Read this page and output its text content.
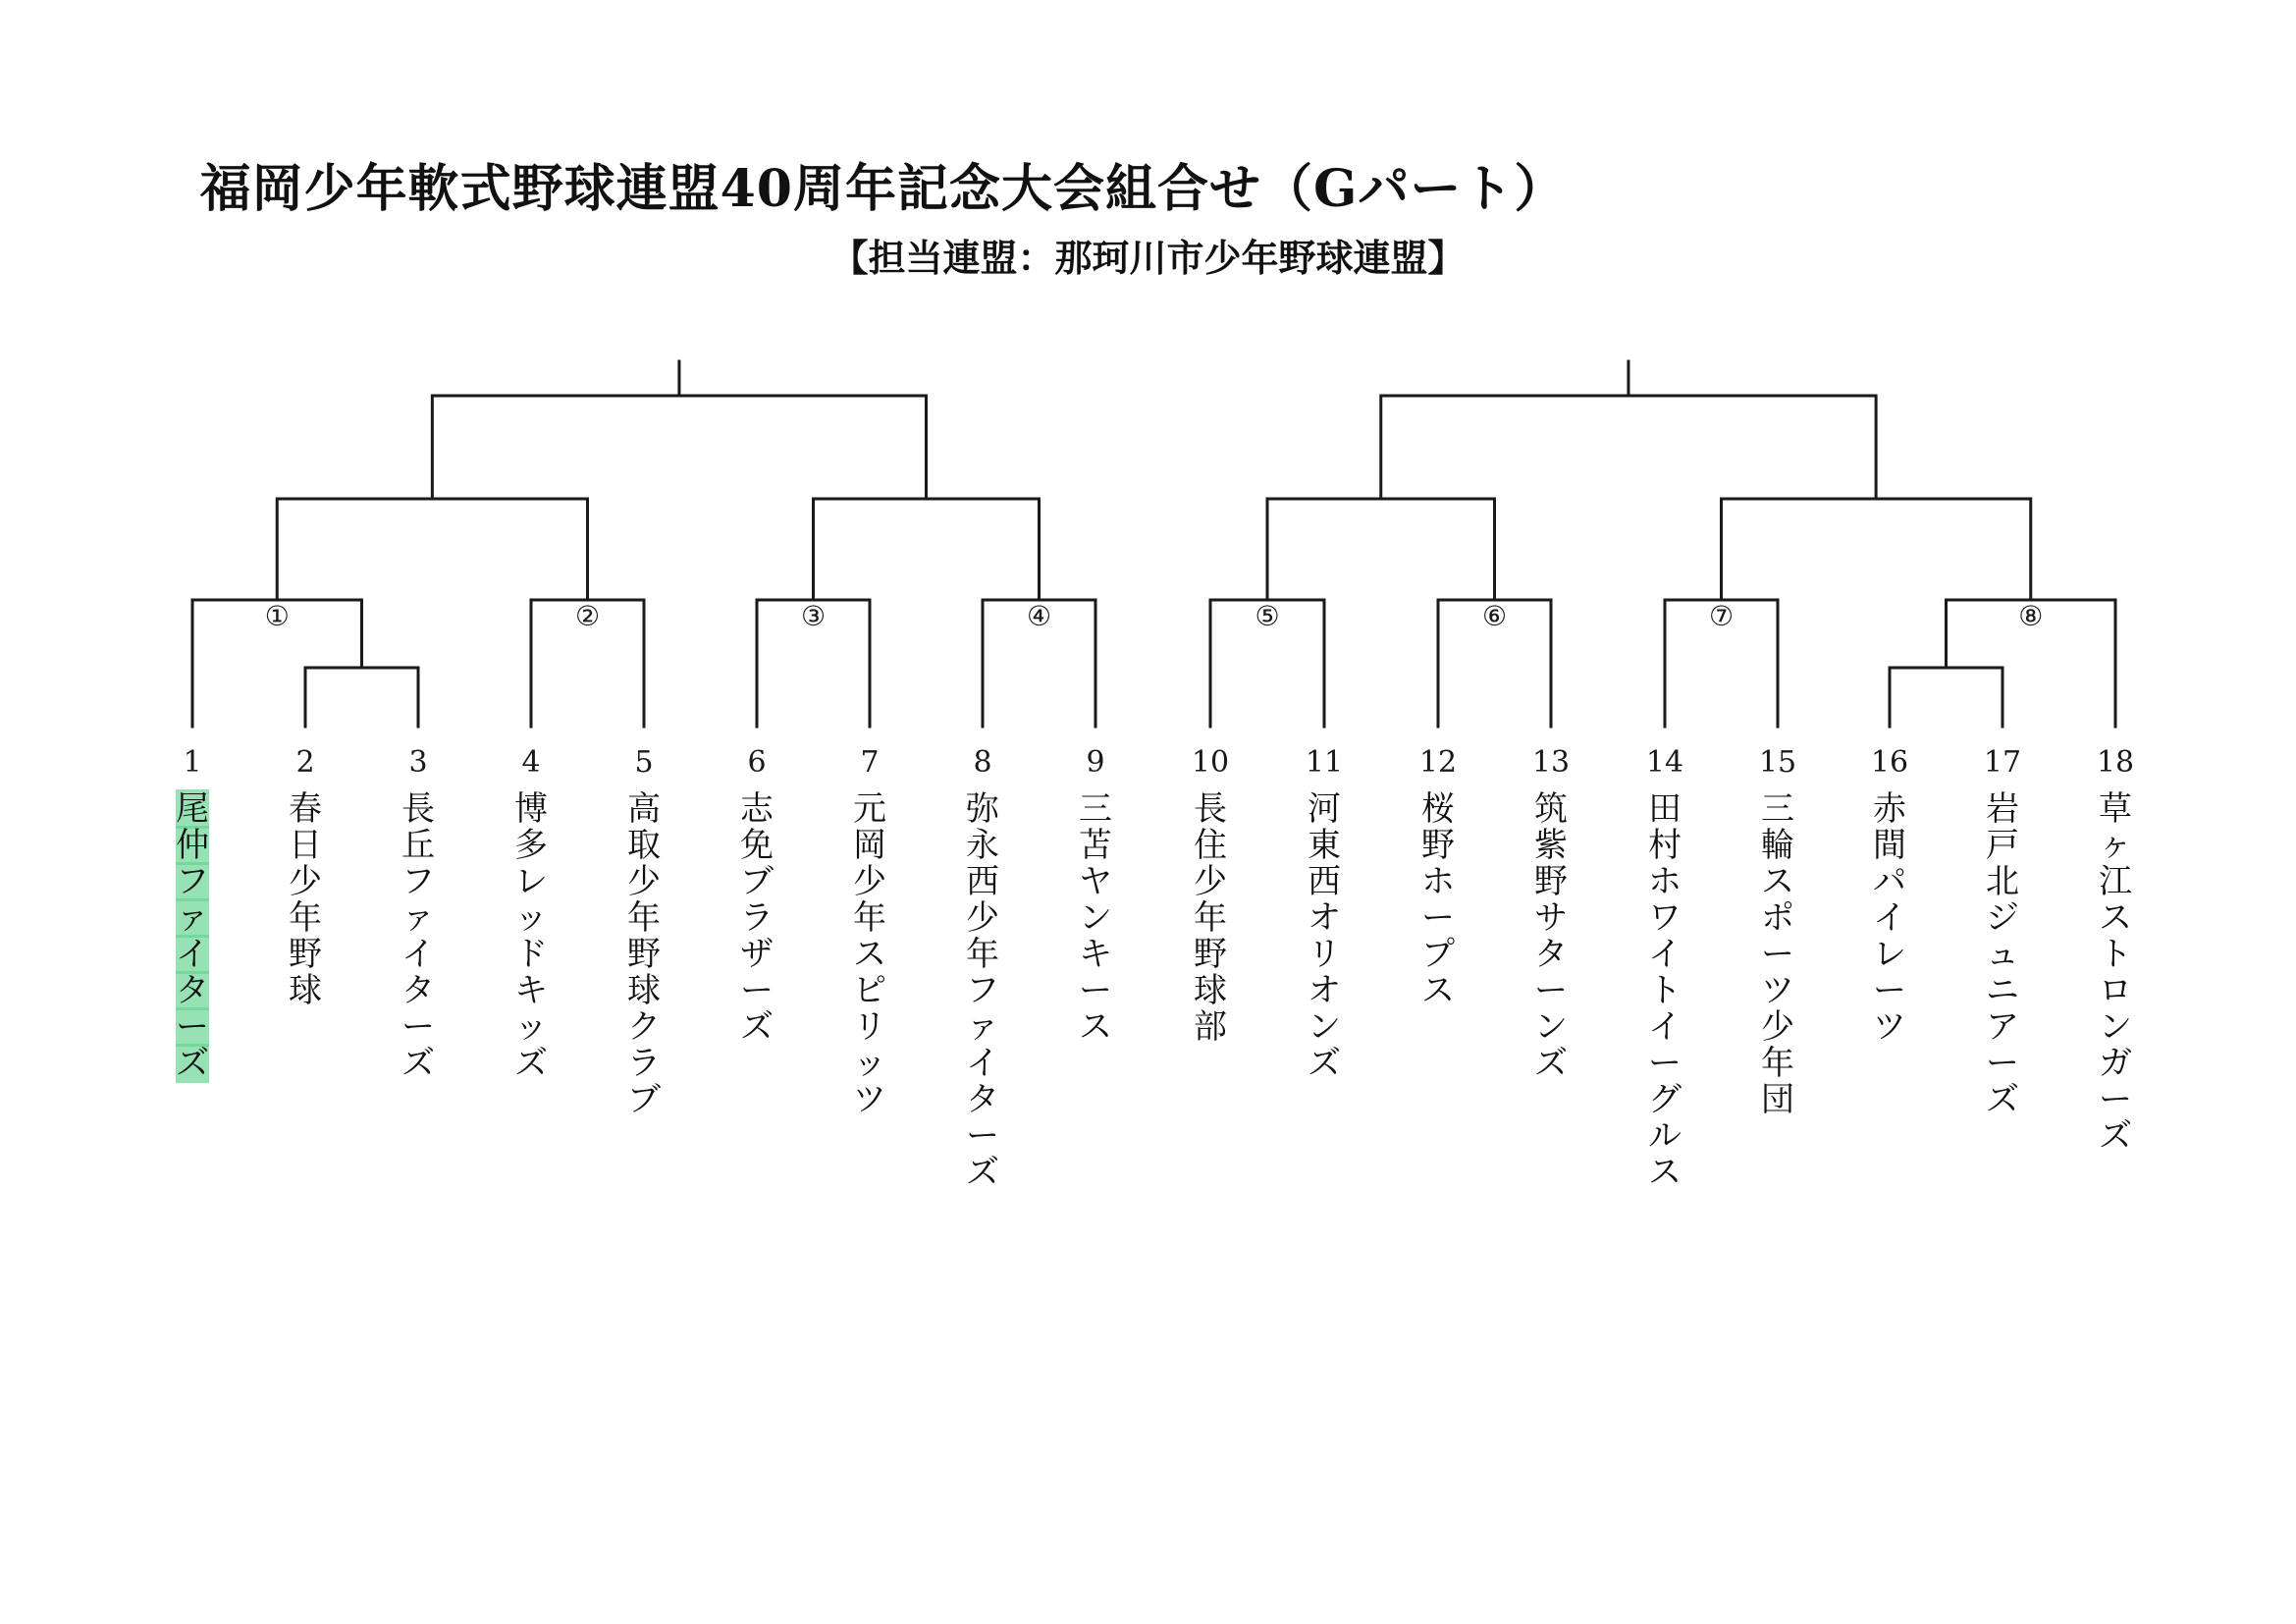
福岡少年軟式野球連盟40周年記念大会組合せ（Gパート）
【担当連盟：那珂川市少年野球連盟】
①	②	③	④	⑤	⑥	⑦	⑧
1	2	3	4	5	6	7	8	9	10	11	12	13	14	15	16	17	18
尾仲ファイターズ
春日少年野球
長丘ファイターズ
博多レッドキッズ
高取少年野球クラブ
志免ブラザーズ
元岡少年スピリッツ
弥永西少年ファイターズ
三苫ヤンキース
長住少年野球部
河東西オリオンズ
桜野ホープス
筑紫野サターンズ
田村ホワイトイーグルス
三輪スポーツ少年団
赤間パイレーツ
岩戸北ジュニアーズ
草ヶ江ストロンガーズ
